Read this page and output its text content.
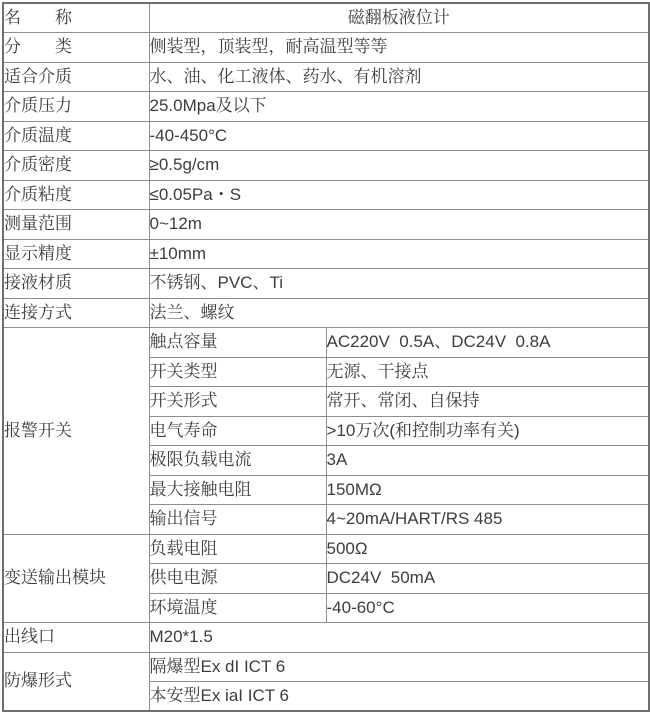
名　　称	磁翻板液位计	
分　　类	侧装型，顶装型，耐高温型等等	
适合介质	水、油、化工液体、药水、有机溶剂	
介质压力	25.0Mpa及以下	
介质温度	-40-450°C	
介质密度	≥0.5g/cm	
介质粘度	≤0.05Pa・S	
测量范围	0~12m	
显示精度	±10mm	
接液材质	不锈钢、PVC、Ti	
连接方式	法兰、螺纹	
报警开关	触点容量	AC220V  0.5A、DC24V  0.8A
	开关类型	无源、干接点
	开关形式	常开、常闭、自保持
	电气寿命	>10万次(和控制功率有关)
	极限负载电流	3A
	最大接触电阻	150MΩ
	输出信号	4~20mA/HART/RS 485
变送输出模块	负载电阻	500Ω
	供电电源	DC24V  50mA
	环境温度	-40-60°C
出线口	M20*1.5	
防爆形式	隔爆型Ex dI ICT 6	
	本安型Ex iaI ICT 6	
